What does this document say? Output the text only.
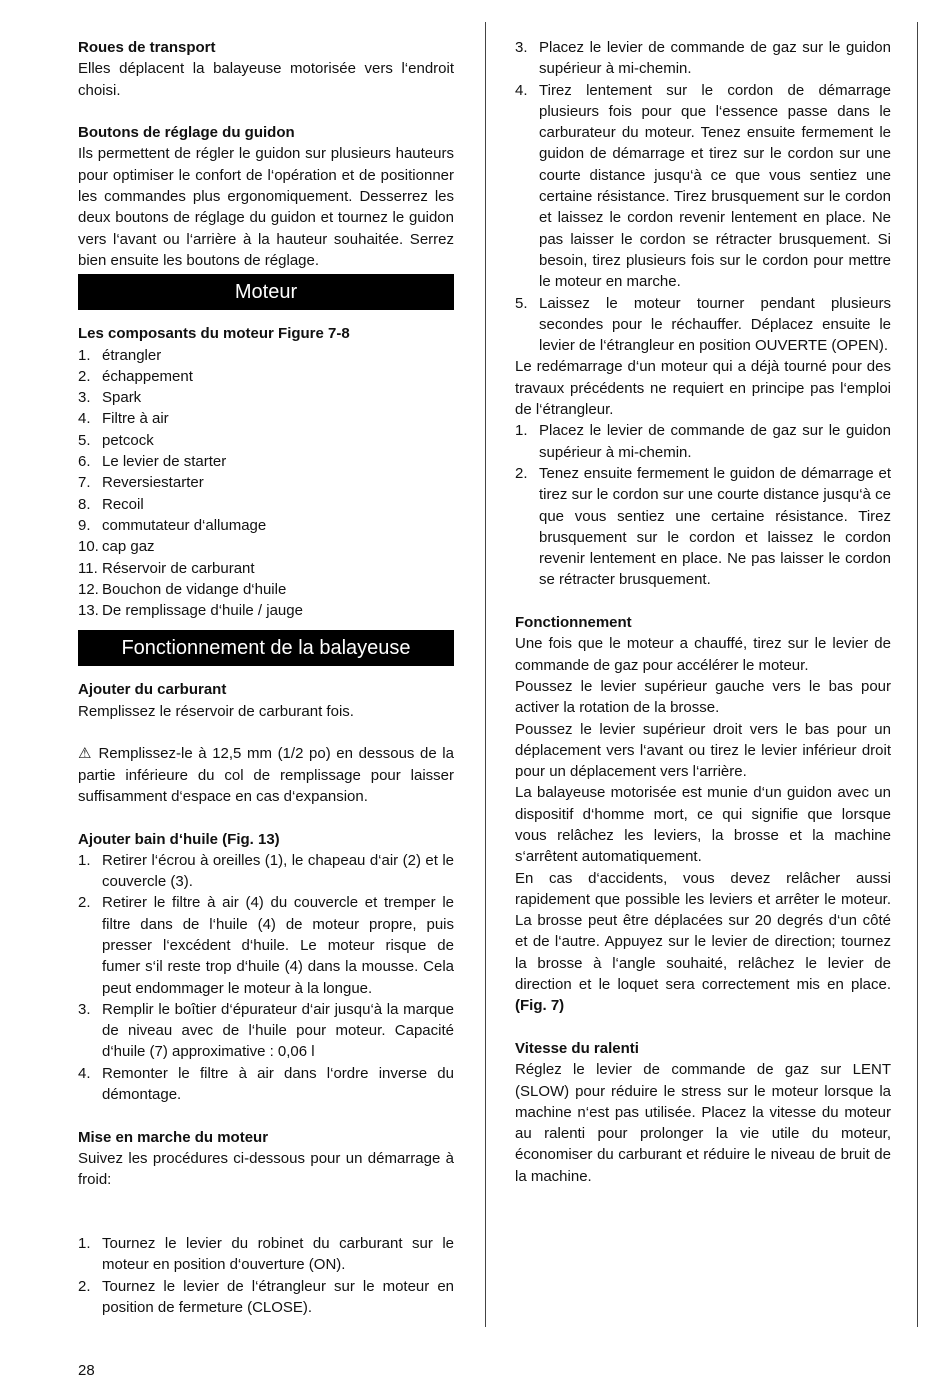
Roues de transport

Elles déplacent la balayeuse motorisée vers l‘endroit choisi.

Boutons de réglage du guidon

Ils permettent de régler le guidon sur plusieurs hauteurs pour optimiser le confort de l‘opération et de positionner les commandes plus ergonomiquement. Desserrez les deux boutons de réglage du guidon et tournez le guidon vers l‘avant ou l‘arrière à la hauteur souhaitée. Serrez bien ensuite les boutons de réglage.

Moteur

Les composants du moteur Figure 7-8

1. étrangler
2. échappement
3. Spark
4. Filtre à air
5. petcock
6. Le levier de starter
7. Reversiestarter
8. Recoil
9. commutateur d‘allumage
10. cap gaz
11. Réservoir de carburant
12. Bouchon de vidange d‘huile
13. De remplissage d‘huile / jauge
Fonctionnement de la balayeuse

Ajouter du carburant

Remplissez le réservoir de carburant fois.

⚠ Remplissez-le à 12,5 mm (1/2 po) en dessous de la partie inférieure du col de remplissage pour laisser suffisamment d‘espace en cas d‘expansion.

Ajouter bain d‘huile (Fig. 13)

1. Retirer l‘écrou à oreilles (1), le chapeau d‘air (2) et le couvercle (3).
2. Retirer le filtre à air (4) du couvercle et tremper le filtre dans de l‘huile (4) de moteur propre, puis presser l‘excédent d‘huile. Le moteur risque de fumer s‘il reste trop d‘huile (4) dans la mousse. Cela peut endommager le moteur à la longue.
3. Remplir le boîtier d‘épurateur d‘air jusqu‘à la marque de niveau avec de l‘huile pour moteur. Capacité d‘huile (7) approximative : 0,06 l
4. Remonter le filtre à air dans l‘ordre inverse du démontage.

Mise en marche du moteur

Suivez les procédures ci-dessous pour un démarrage à froid:

1. Tournez le levier du robinet du carburant sur le moteur en position d‘ouverture (ON).
2. Tournez le levier de l‘étrangleur sur le moteur en position de fermeture (CLOSE).
3. Placez le levier de commande de gaz sur le guidon supérieur à mi-chemin.
4. Tirez lentement sur le cordon de démarrage plusieurs fois pour que l‘essence passe dans le carburateur du moteur. Tenez ensuite fermement le guidon de démarrage et tirez sur le cordon sur une courte distance jusqu‘à ce que vous sentiez une certaine résistance. Tirez brusquement sur le cordon et laissez le cordon revenir lentement en place. Ne pas laisser le cordon se rétracter brusquement. Si besoin, tirez plusieurs fois sur le cordon pour mettre le moteur en marche.
5. Laissez le moteur tourner pendant plusieurs secondes pour le réchauffer. Déplacez ensuite le levier de l‘étrangleur en position OUVERTE (OPEN).

Le redémarrage d‘un moteur qui a déjà tourné pour des travaux précédents ne requiert en principe pas l‘emploi de l‘étrangleur.

1. Placez le levier de commande de gaz sur le guidon supérieur à mi-chemin.
2. Tenez ensuite fermement le guidon de démarrage et tirez sur le cordon sur une courte distance jusqu‘à ce que vous sentiez une certaine résistance. Tirez brusquement sur le cordon et laissez le cordon revenir lentement en place. Ne pas laisser le cordon se rétracter brusquement.

Fonctionnement

Une fois que le moteur a chauffé, tirez sur le levier de commande de gaz pour accélérer le moteur.

Poussez le levier supérieur gauche vers le bas pour activer la rotation de la brosse.

Poussez le levier supérieur droit vers le bas pour un déplacement vers l‘avant ou tirez le levier inférieur droit pour un déplacement vers l‘arrière.

La balayeuse motorisée est munie d‘un guidon avec un dispositif d‘homme mort, ce qui signifie que lorsque vous relâchez les leviers, la brosse et la machine s‘arrêtent automatiquement.

En cas d‘accidents, vous devez relâcher aussi rapidement que possible les leviers et arrêter le moteur. La brosse peut être déplacées sur 20 degrés d‘un côté et de l‘autre. Appuyez sur le levier de direction; tournez la brosse à l‘angle souhaité, relâchez le levier de direction et le loquet sera correctement mis en place. (Fig. 7)

Vitesse du ralenti

Réglez le levier de commande de gaz sur LENT (SLOW) pour réduire le stress sur le moteur lorsque la machine n‘est pas utilisée. Placez la vitesse du moteur au ralenti pour prolonger la vie utile du moteur, économiser du carburant et réduire le niveau de bruit de la machine.

28
